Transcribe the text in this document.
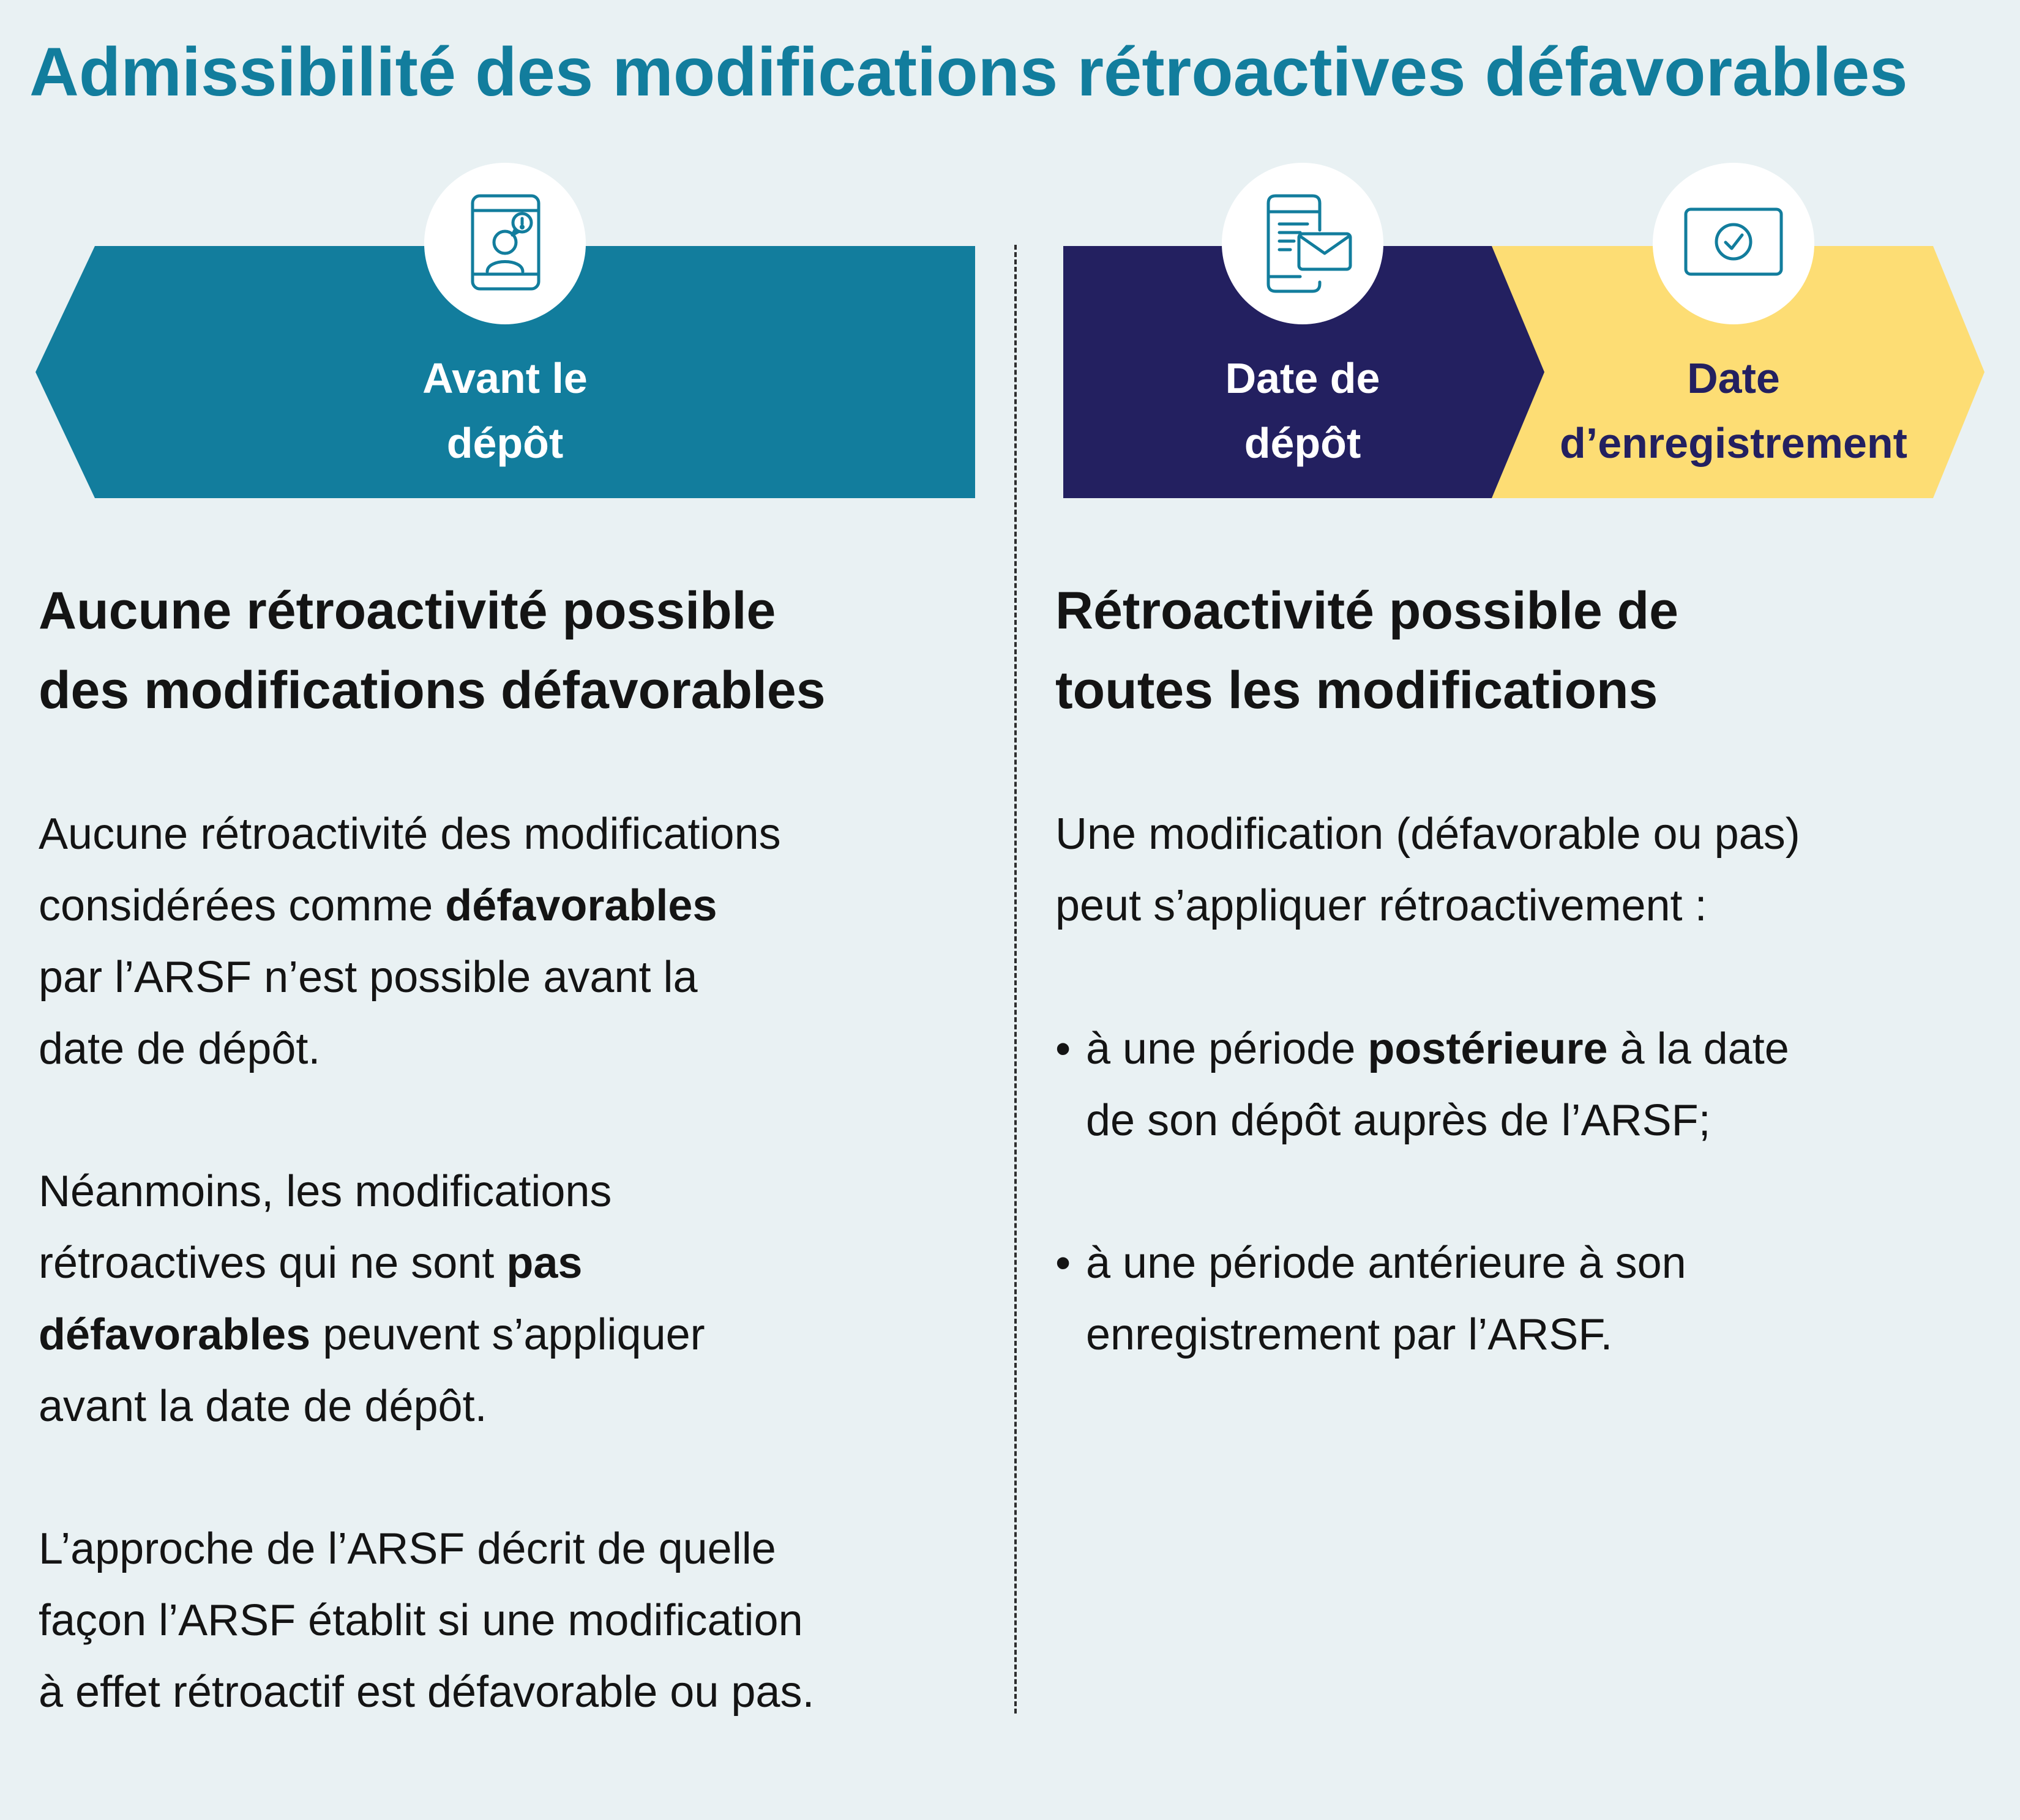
Admissibilité des modifications rétroactives défavorables
Avant le
dépôt
Date de
dépôt
Date
d’enregistrement
Aucune rétroactivité possible
des modifications défavorables
Aucune rétroactivité des modifications
considérées comme défavorables
par l’ARSF n’est possible avant la
date de dépôt.
Néanmoins, les modifications
rétroactives qui ne sont pas
défavorables peuvent s’appliquer
avant la date de dépôt.
L’approche de l’ARSF décrit de quelle
façon l’ARSF établit si une modification
à effet rétroactif est défavorable ou pas.
Rétroactivité possible de
toutes les modifications
Une modification (défavorable ou pas)
peut s’appliquer rétroactivement :
• à une période postérieure à la date
de son dépôt auprès de l’ARSF;
• à une période antérieure à son
enregistrement par l’ARSF.
